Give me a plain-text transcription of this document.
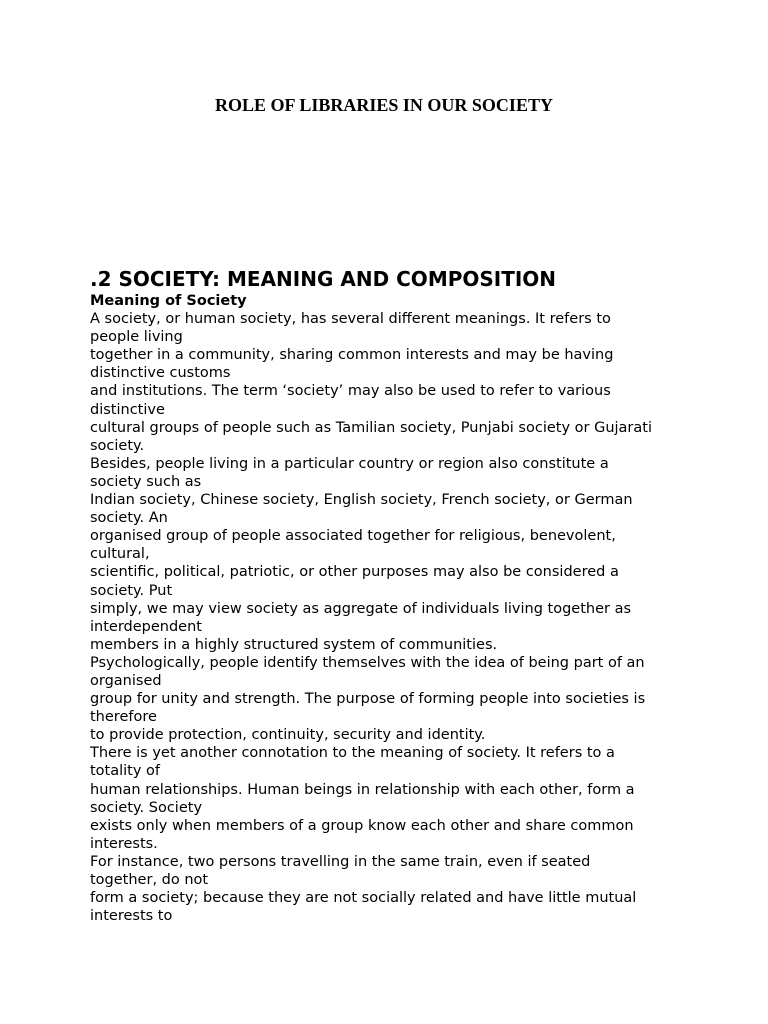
ROLE OF LIBRARIES IN OUR SOCIETY
.2 SOCIETY: MEANING AND COMPOSITION
Meaning of Society

A society, or human society, has several different meanings. It refers to

people living

together in a community, sharing common interests and may be having

distinctive customs

and institutions. The term ‘society’ may also be used to refer to various

distinctive

cultural groups of people such as Tamilian society, Punjabi society or Gujarati

society.

Besides, people living in a particular country or region also constitute a

society such as

Indian society, Chinese society, English society, French society, or German

society. An

organised group of people associated together for religious, benevolent,

cultural,

scientific, political, patriotic, or other purposes may also be considered a

society. Put

simply, we may view society as aggregate of individuals living together as

interdependent

members in a highly structured system of communities.

Psychologically, people identify themselves with the idea of being part of an

organised

group for unity and strength. The purpose of forming people into societies is

therefore

to provide protection, continuity, security and identity.

There is yet another connotation to the meaning of society. It refers to a

totality of

human relationships. Human beings in relationship with each other, form a

society. Society

exists only when members of a group know each other and share common

interests.

For instance, two persons travelling in the same train, even if seated

together, do not

form a society; because they are not socially related and have little mutual

interests to
